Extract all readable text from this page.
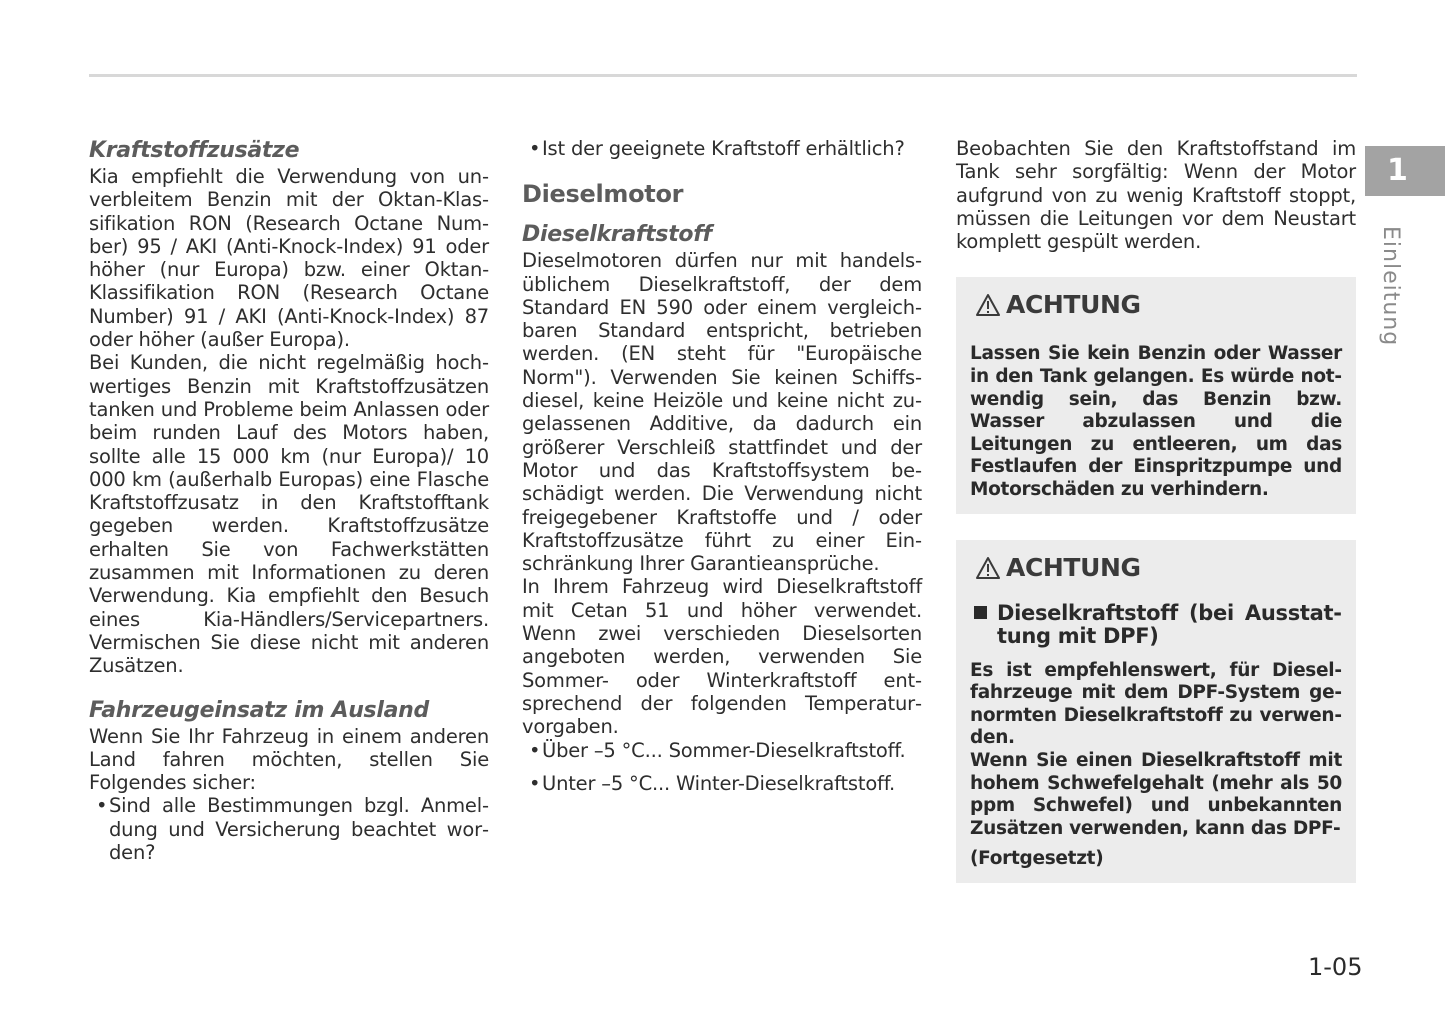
Kraftstoffzusätze

Kia empfiehlt die Verwendung von unverbleitem Benzin mit der Oktan-Klassifikation RON (Research Octane Number) 95 / AKI (Anti-Knock-Index) 91 oder höher (nur Europa) bzw. einer Oktan-Klassifikation RON (Research Octane Number) 91 / AKI (Anti-Knock-Index) 87 oder höher (außer Europa).

Bei Kunden, die nicht regelmäßig hochwertiges Benzin mit Kraftstoffzusätzen tanken und Probleme beim Anlassen oder beim runden Lauf des Motors haben, sollte alle 15 000 km (nur Europa)/ 10 000 km (außerhalb Europas) eine Flasche Kraftstoffzusatz in den Kraftstofftank gegeben werden. Kraftstoffzusätze erhalten Sie von Fachwerkstätten zusammen mit Informationen zu deren Verwendung. Kia empfiehlt den Besuch eines Kia-Händlers/Servicepartners. Vermischen Sie diese nicht mit anderen Zusätzen.

Fahrzeugeinsatz im Ausland

Wenn Sie Ihr Fahrzeug in einem anderen Land fahren möchten, stellen Sie Folgendes sicher:

• Sind alle Bestimmungen bzgl. Anmeldung und Versicherung beachtet worden?
• Ist der geeignete Kraftstoff erhältlich?
Dieselmotor
Dieselkraftstoff

Dieselmotoren dürfen nur mit handelsüblichem Dieselkraftstoff, der dem Standard EN 590 oder einem vergleichbaren Standard entspricht, betrieben werden. (EN steht für "Europäische Norm"). Verwenden Sie keinen Schiffsdiesel, keine Heizöle und keine nicht zugelassenen Additive, da dadurch ein größerer Verschleiß stattfindet und der Motor und das Kraftstoffsystem beschädigt werden. Die Verwendung nicht freigegebener Kraftstoffe und / oder Kraftstoffzusätze führt zu einer Einschränkung Ihrer Garantieansprüche.

In Ihrem Fahrzeug wird Dieselkraftstoff mit Cetan 51 und höher verwendet. Wenn zwei verschieden Dieselsorten angeboten werden, verwenden Sie Sommer- oder Winterkraftstoff entsprechend der folgenden Temperaturvorgaben.

• Über –5 °C... Sommer-Dieselkraftstoff.
• Unter –5 °C... Winter-Dieselkraftstoff.

Beobachten Sie den Kraftstoffstand im Tank sehr sorgfältig: Wenn der Motor aufgrund von zu wenig Kraftstoff stoppt, müssen die Leitungen vor dem Neustart komplett gespült werden.

ACHTUNG

Lassen Sie kein Benzin oder Wasser in den Tank gelangen. Es würde notwendig sein, das Benzin bzw. Wasser abzulassen und die Leitungen zu entleeren, um das Festlaufen der Einspritzpumpe und Motorschäden zu verhindern.

ACHTUNG
Dieselkraftstoff (bei Ausstattung mit DPF)

Es ist empfehlenswert, für Dieselfahrzeuge mit dem DPF-System genormten Dieselkraftstoff zu verwenden.

Wenn Sie einen Dieselkraftstoff mit hohem Schwefelgehalt (mehr als 50 ppm Schwefel) und unbekannten Zusätzen verwenden, kann das DPF-

(Fortgesetzt)

1
Einleitung
1-05
